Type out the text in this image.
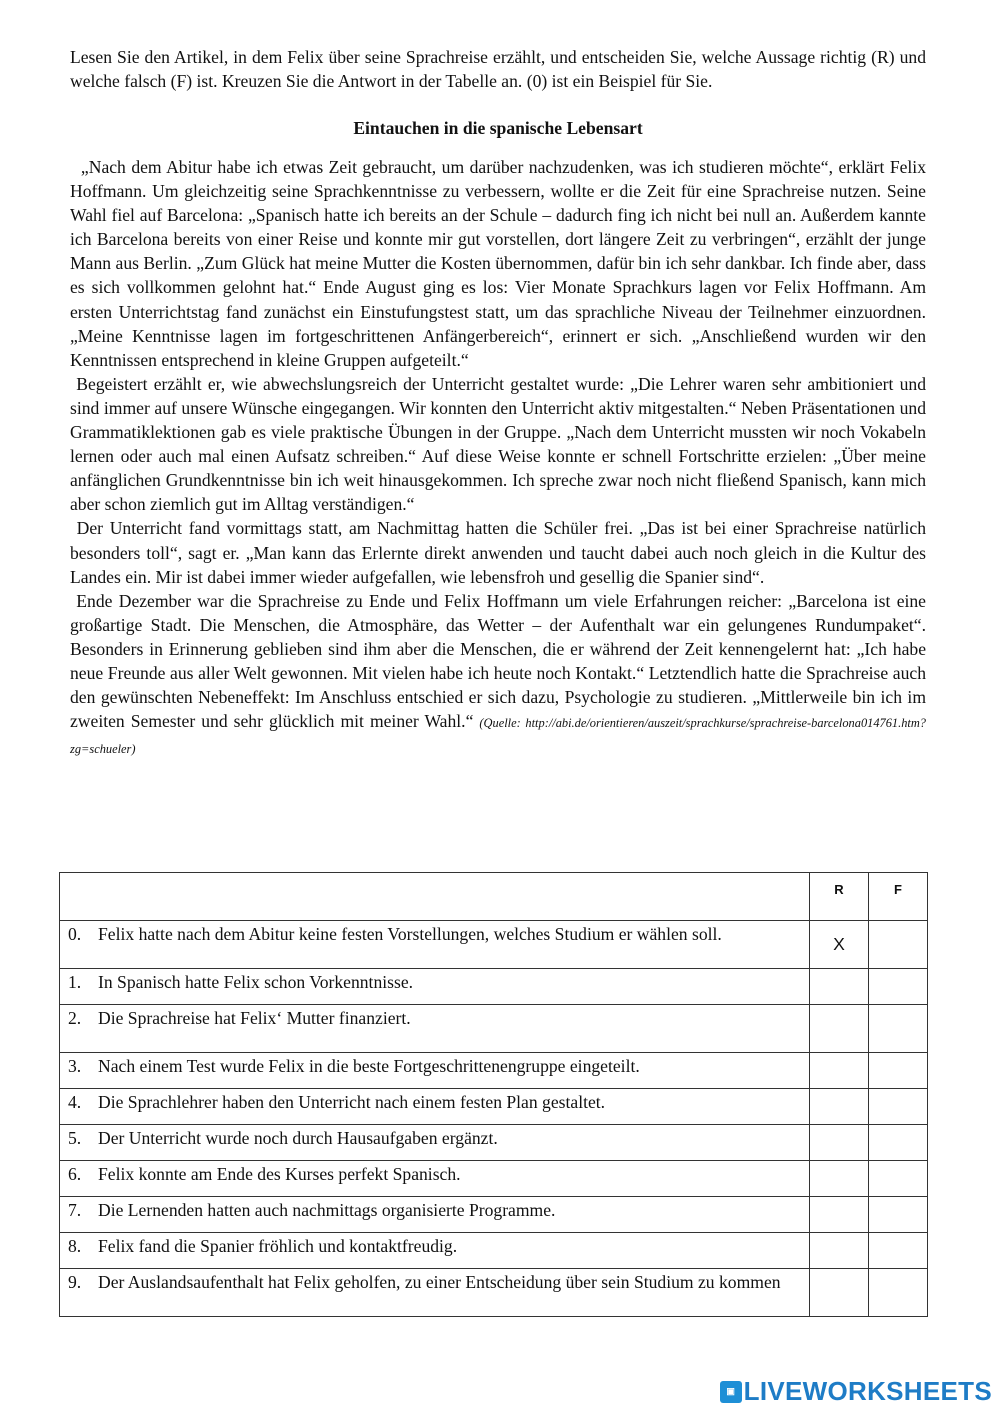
Lesen Sie den Artikel, in dem Felix über seine Sprachreise erzählt, und entscheiden Sie, welche Aussage richtig (R) und welche falsch (F) ist. Kreuzen Sie die Antwort in der Tabelle an. (0) ist ein Beispiel für Sie.

Eintauchen in die spanische Lebensart

„Nach dem Abitur habe ich etwas Zeit gebraucht, um darüber nachzudenken, was ich studieren möchte“, erklärt Felix Hoffmann. Um gleichzeitig seine Sprachkenntnisse zu verbessern, wollte er die Zeit für eine Sprachreise nutzen. Seine Wahl fiel auf Barcelona: „Spanisch hatte ich bereits an der Schule – dadurch fing ich nicht bei null an. Außerdem kannte ich Barcelona bereits von einer Reise und konnte mir gut vorstellen, dort längere Zeit zu verbringen“, erzählt der junge Mann aus Berlin. „Zum Glück hat meine Mutter die Kosten übernommen, dafür bin ich sehr dankbar. Ich finde aber, dass es sich vollkommen gelohnt hat.“ Ende August ging es los: Vier Monate Sprachkurs lagen vor Felix Hoffmann. Am ersten Unterrichtstag fand zunächst ein Einstufungstest statt, um das sprachliche Niveau der Teilnehmer einzuordnen. „Meine Kenntnisse lagen im fortgeschrittenen Anfängerbereich“, erinnert er sich. „Anschließend wurden wir den Kenntnissen entsprechend in kleine Gruppen aufgeteilt.“

Begeistert erzählt er, wie abwechslungsreich der Unterricht gestaltet wurde: „Die Lehrer waren sehr ambitioniert und sind immer auf unsere Wünsche eingegangen. Wir konnten den Unterricht aktiv mitgestalten.“ Neben Präsentationen und Grammatiklektionen gab es viele praktische Übungen in der Gruppe. „Nach dem Unterricht mussten wir noch Vokabeln lernen oder auch mal einen Aufsatz schreiben.“ Auf diese Weise konnte er schnell Fortschritte erzielen: „Über meine anfänglichen Grundkenntnisse bin ich weit hinausgekommen. Ich spreche zwar noch nicht fließend Spanisch, kann mich aber schon ziemlich gut im Alltag verständigen.“

Der Unterricht fand vormittags statt, am Nachmittag hatten die Schüler frei. „Das ist bei einer Sprachreise natürlich besonders toll“, sagt er. „Man kann das Erlernte direkt anwenden und taucht dabei auch noch gleich in die Kultur des Landes ein. Mir ist dabei immer wieder aufgefallen, wie lebensfroh und gesellig die Spanier sind“.

Ende Dezember war die Sprachreise zu Ende und Felix Hoffmann um viele Erfahrungen reicher: „Barcelona ist eine großartige Stadt. Die Menschen, die Atmosphäre, das Wetter – der Aufenthalt war ein gelungenes Rundumpaket“. Besonders in Erinnerung geblieben sind ihm aber die Menschen, die er während der Zeit kennengelernt hat: „Ich habe neue Freunde aus aller Welt gewonnen. Mit vielen habe ich heute noch Kontakt.“ Letztendlich hatte die Sprachreise auch den gewünschten Nebeneffekt: Im Anschluss entschied er sich dazu, Psychologie zu studieren. „Mittlerweile bin ich im zweiten Semester und sehr glücklich mit meiner Wahl.“ (Quelle: http://abi.de/orientieren/auszeit/sprachkurse/sprachreise-barcelona014761.htm?zg=schueler)

	R	F

0. Felix hatte nach dem Abitur keine festen Vorstellungen, welches Studium er wählen soll.	X	

1. In Spanisch hatte Felix schon Vorkenntnisse.		

2. Die Sprachreise hat Felix‘ Mutter finanziert.		

3. Nach einem Test wurde Felix in die beste Fortgeschrittenengruppe eingeteilt.		

4. Die Sprachlehrer haben den Unterricht nach einem festen Plan gestaltet.		

5. Der Unterricht wurde noch durch Hausaufgaben ergänzt.		

6. Felix konnte am Ende des Kurses perfekt Spanisch.		

7. Die Lernenden hatten auch nachmittags organisierte Programme.		

8. Felix fand die Spanier fröhlich und kontaktfreudig.		

9. Der Auslandsaufenthalt hat Felix geholfen, zu einer Entscheidung über sein Studium zu kommen		

▣ LIVEWORKSHEETS
